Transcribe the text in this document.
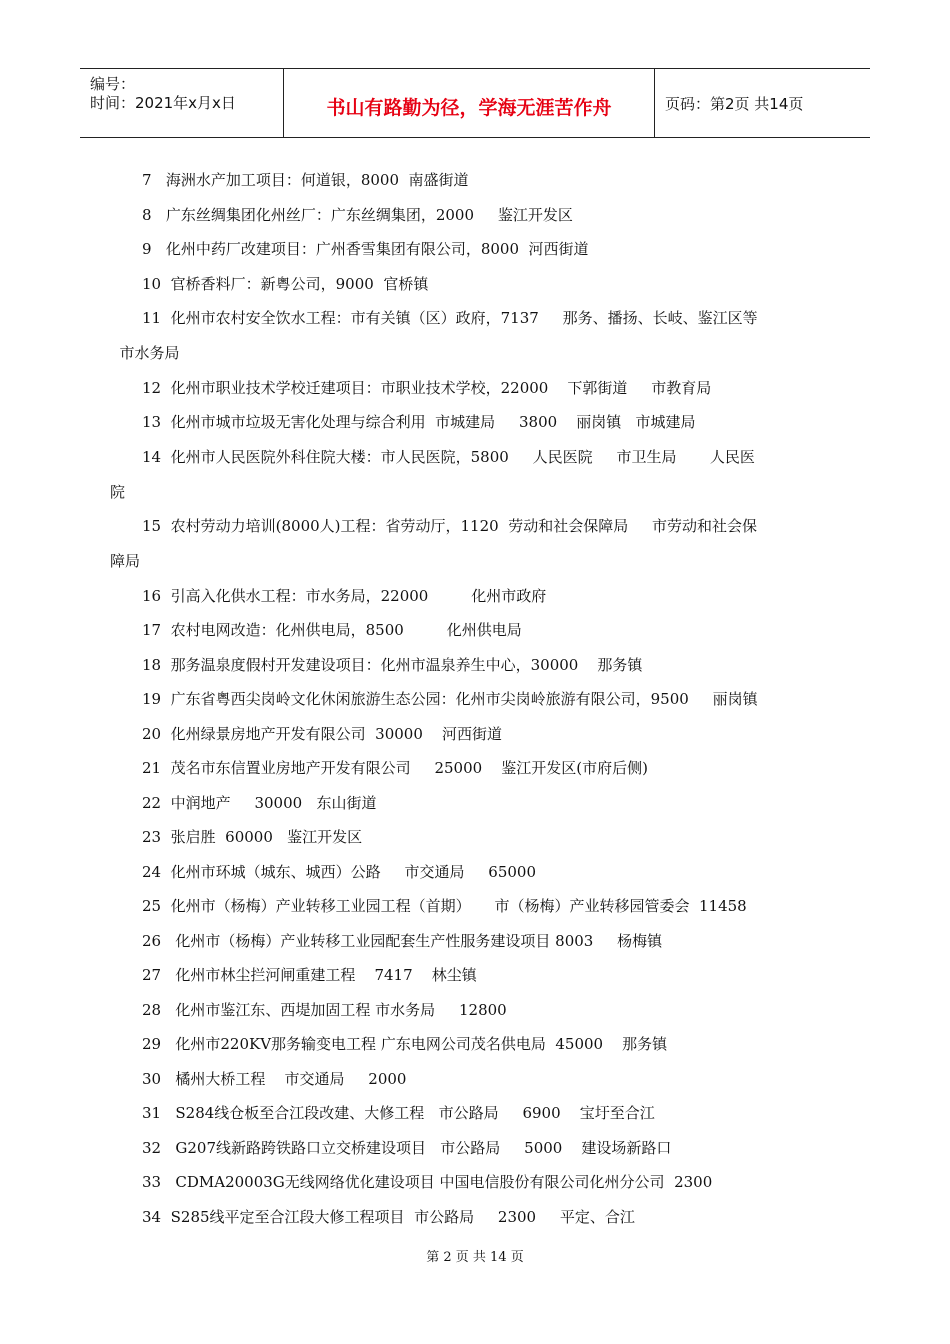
编号：
时间：2021年x月x日	书山有路勤为径，学海无涯苦作舟	页码：第2页 共14页
7   海洲水产加工项目：何道银，8000  南盛街道
8   广东丝绸集团化州丝厂：广东丝绸集团，2000     鉴江开发区
9   化州中药厂改建项目：广州香雪集团有限公司，8000  河西街道
10  官桥香料厂：新粤公司，9000  官桥镇
11  化州市农村安全饮水工程：市有关镇（区）政府，7137     那务、播扬、长岐、鉴江区等
市水务局
12  化州市职业技术学校迁建项目：市职业技术学校，22000    下郭街道     市教育局
13  化州市城市垃圾无害化处理与综合利用  市城建局     3800    丽岗镇   市城建局
14  化州市人民医院外科住院大楼：市人民医院，5800     人民医院     市卫生局       人民医
院
15  农村劳动力培训(8000人)工程：省劳动厅，1120  劳动和社会保障局     市劳动和社会保
障局
16  引高入化供水工程：市水务局，22000         化州市政府
17  农村电网改造：化州供电局，8500         化州供电局
18  那务温泉度假村开发建设项目：化州市温泉养生中心，30000    那务镇
19  广东省粤西尖岗岭文化休闲旅游生态公园：化州市尖岗岭旅游有限公司，9500     丽岗镇
20  化州绿景房地产开发有限公司  30000    河西街道
21  茂名市东信置业房地产开发有限公司     25000    鉴江开发区(市府后侧)
22  中润地产     30000   东山街道
23  张启胜  60000   鉴江开发区
24  化州市环城（城东、城西）公路     市交通局     65000
25  化州市（杨梅）产业转移工业园工程（首期）     市（杨梅）产业转移园管委会  11458
26   化州市（杨梅）产业转移工业园配套生产性服务建设项目 8003     杨梅镇
27   化州市林尘拦河闸重建工程    7417    林尘镇
28   化州市鉴江东、西堤加固工程 市水务局     12800
29   化州市220KV那务输变电工程 广东电网公司茂名供电局  45000    那务镇
30   橘州大桥工程    市交通局     2000
31   S284线仓板至合江段改建、大修工程   市公路局     6900    宝圩至合江
32   G207线新路跨铁路口立交桥建设项目   市公路局     5000    建设场新路口
33   CDMA20003G无线网络优化建设项目 中国电信股份有限公司化州分公司  2300
34  S285线平定至合江段大修工程项目  市公路局     2300     平定、合江
第 2 页 共 14 页
